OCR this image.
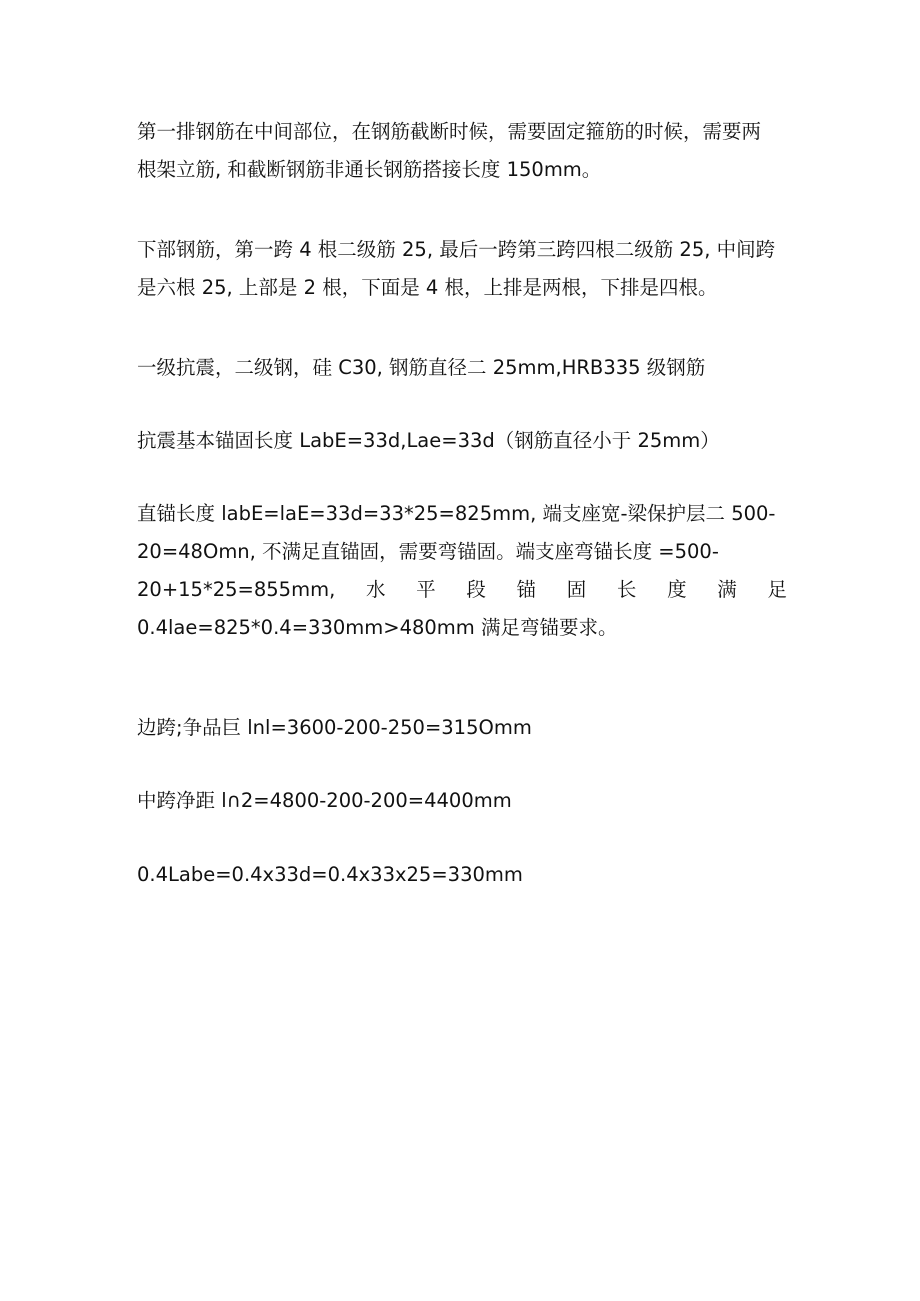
第一排钢筋在中间部位，在钢筋截断时候，需要固定箍筋的时候，需要两
根架立筋, 和截断钢筋非通长钢筋搭接长度 150mm。

下部钢筋，第一跨 4 根二级筋 25, 最后一跨第三跨四根二级筋 25, 中间跨
是六根 25, 上部是 2 根，下面是 4 根，上排是两根，下排是四根。

一级抗震，二级钢，硅 C30, 钢筋直径二 25mm,HRB335 级钢筋

抗震基本锚固长度 LabE=33d,Lae=33d（钢筋直径小于 25mm）

直锚长度 labE=laE=33d=33*25=825mm, 端支座宽-梁保护层二 500-
20=48Omn, 不满足直锚固，需要弯锚固。端支座弯锚长度 =500-
20+15*25=855mm, 水 平 段 锚 固 长 度 满 足
0.4lae=825*0.4=330mm>480mm 满足弯锚要求。

边跨;争品巨 lnl=3600-200-250=315Omm

中跨净距 l∩2=4800-200-200=4400mm

0.4Labe=0.4x33d=0.4x33x25=330mm
